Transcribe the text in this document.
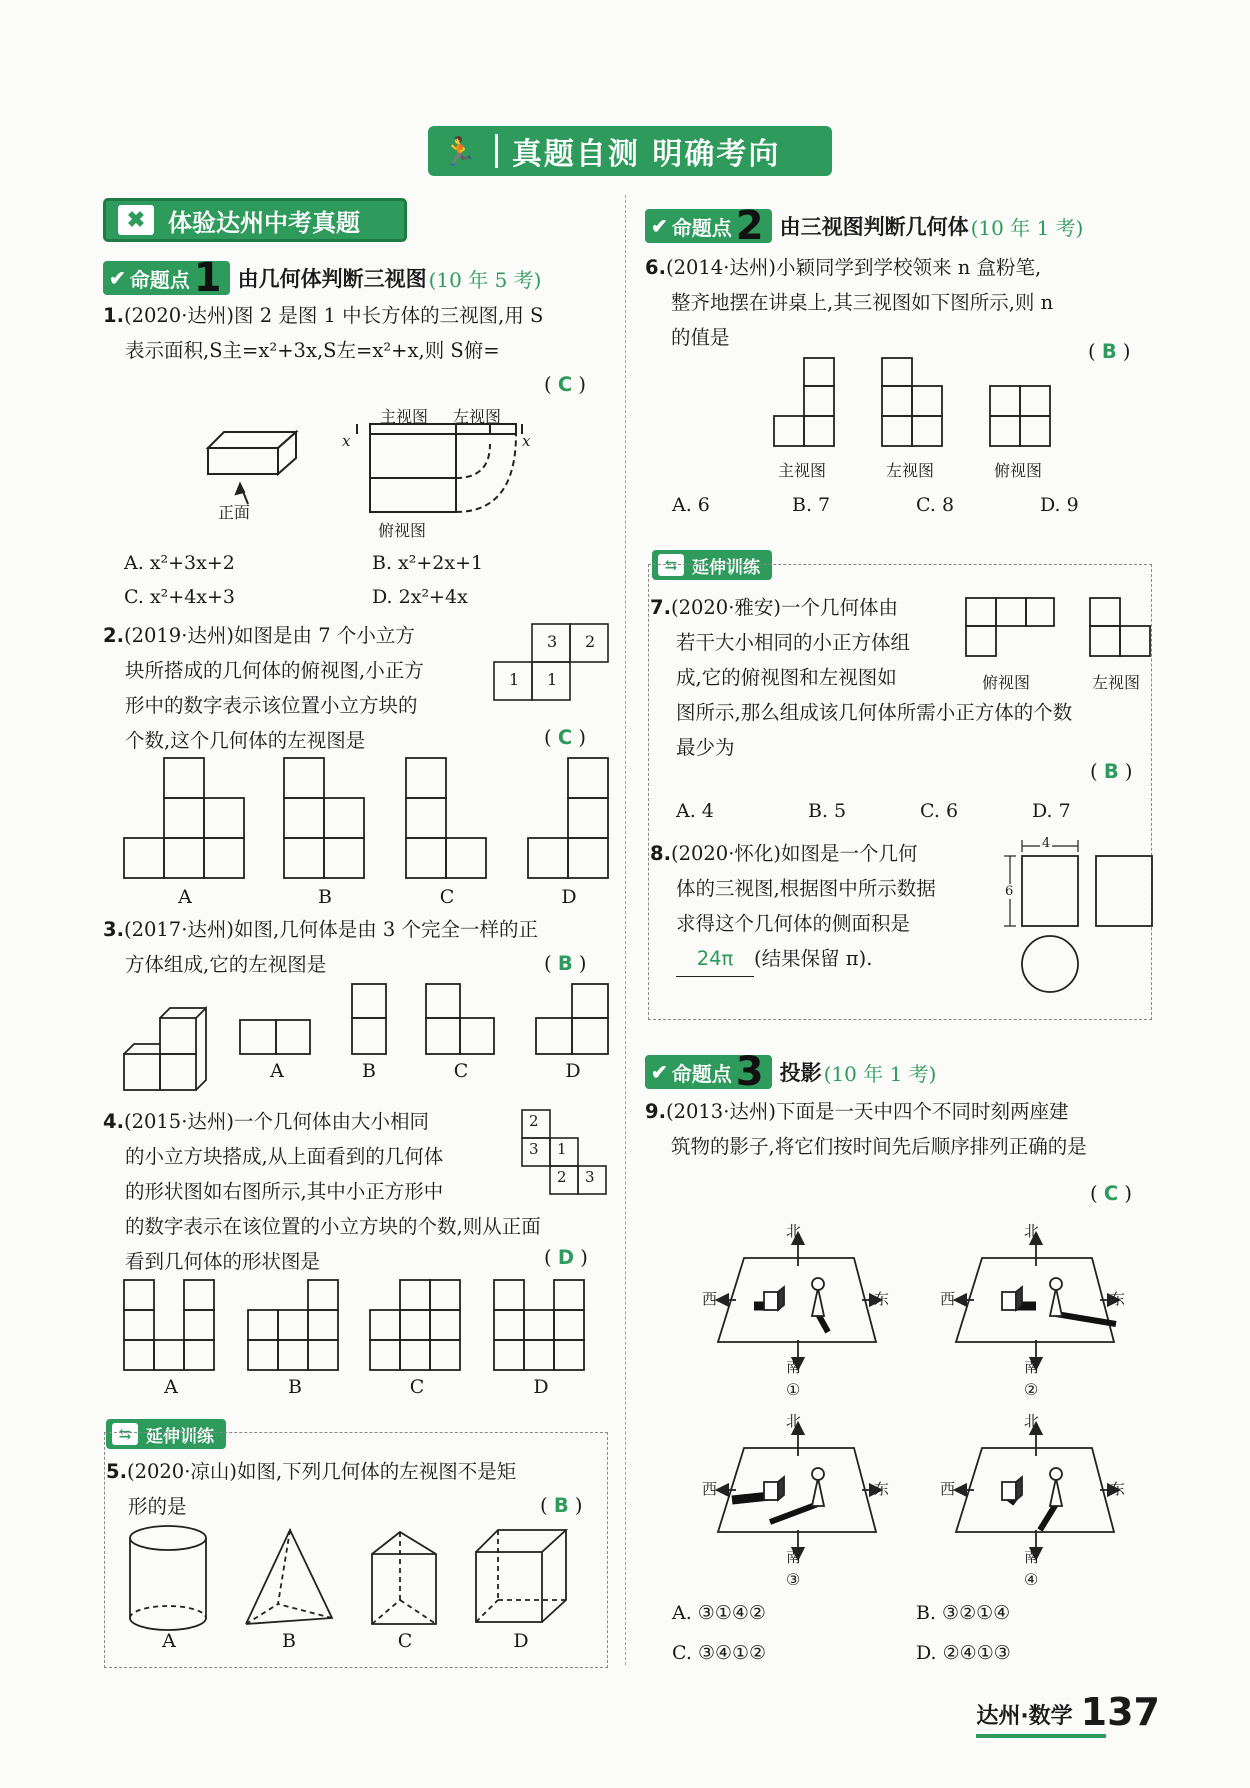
🏃 真题自测 明确考向
✖ 体验达州中考真题
✔ 命题点 1 由几何体判断三视图 (10 年 5 考)
1.(2020·达州)图 2 是图 1 中长方体的三视图,用 S
表示面积,S主=x²+3x,S左=x²+x,则 S俯=
( C )
正面
主视图 左视图
俯视图
x	x
A. x²+3x+2	B. x²+2x+1
C. x²+4x+3	D. 2x²+4x
2.(2019·达州)如图是由 7 个小立方
块所搭成的几何体的俯视图,小正方
形中的数字表示该位置小立方块的
个数,这个几何体的左视图是	( C )
3 2
1 1
A	B	C	D
3.(2017·达州)如图,几何体是由 3 个完全一样的正
方体组成,它的左视图是	( B )
A	B	C	D
4.(2015·达州)一个几何体由大小相同
的小立方块搭成,从上面看到的几何体
的形状图如右图所示,其中小正方形中
的数字表示在该位置的小立方块的个数,则从正面
看到几何体的形状图是	( D )
2
3 1
2 3
A	B	C	D
⇆ 延伸训练
5.(2020·凉山)如图,下列几何体的左视图不是矩
形的是	( B )
A	B	C	D
✔ 命题点 2 由三视图判断几何体 (10 年 1 考)
6.(2014·达州)小颖同学到学校领来 n 盒粉笔,
整齐地摆在讲桌上,其三视图如下图所示,则 n
的值是
( B )
主视图	左视图	俯视图
A. 6	B. 7	C. 8	D. 9
⇆ 延伸训练
7.(2020·雅安)一个几何体由
若干大小相同的小正方体组
成,它的俯视图和左视图如
图所示,那么组成该几何体所需小正方体的个数
最少为
( B )
俯视图	左视图
A. 4	B. 5	C. 6	D. 7
8.(2020·怀化)如图是一个几何
体的三视图,根据图中所示数据
求得这个几何体的侧面积是
24π (结果保留 π).
4
6
✔ 命题点 3 投影 (10 年 1 考)
9.(2013·达州)下面是一天中四个不同时刻两座建
筑物的影子,将它们按时间先后顺序排列正确的是
( C )
北
南
西	东
①
北
南
西	东
②
北
南
西	东
③
北
南
西	东
④
A. ③①④②	B. ③②①④
C. ③④①②	D. ②④①③
达州·数学 137
